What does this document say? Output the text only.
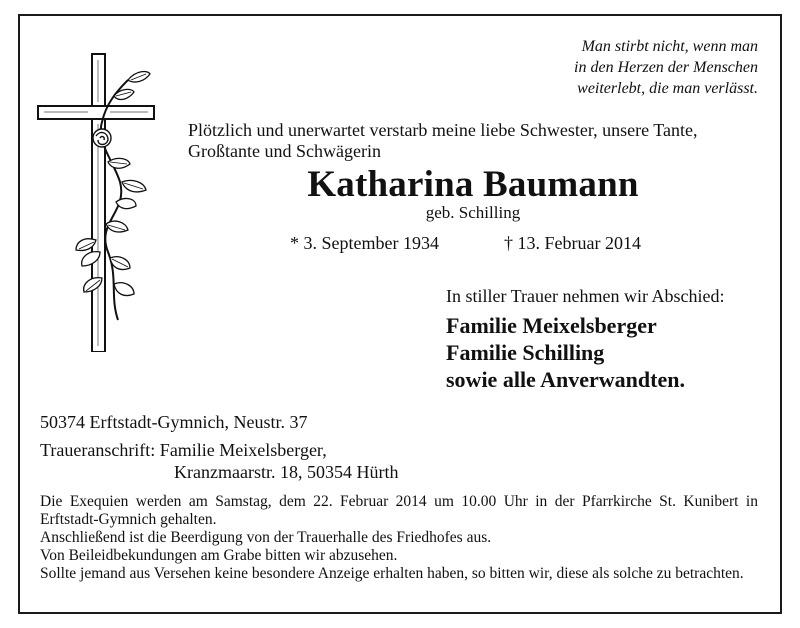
Man stirbt nicht, wenn man
in den Herzen der Menschen
weiterlebt, die man verlässt.
Plötzlich und unerwartet verstarb meine liebe Schwester, unsere Tante,
Großtante und Schwägerin
Katharina Baumann
geb. Schilling
* 3. September 1934	† 13. Februar 2014
In stiller Trauer nehmen wir Abschied:
Familie Meixelsberger
Familie Schilling
sowie alle Anverwandten.
50374 Erftstadt-Gymnich, Neustr. 37
Traueranschrift: Familie Meixelsberger,
Kranzmaarstr. 18, 50354 Hürth
Die Exequien werden am Samstag, dem 22. Februar 2014 um 10.00 Uhr in der Pfarrkirche St. Kunibert in Erftstadt-Gymnich gehalten.
Anschließend ist die Beerdigung von der Trauerhalle des Friedhofes aus.
Von Beileidbekundungen am Grabe bitten wir abzusehen.
Sollte jemand aus Versehen keine besondere Anzeige erhalten haben, so bitten wir, diese als solche zu betrachten.
